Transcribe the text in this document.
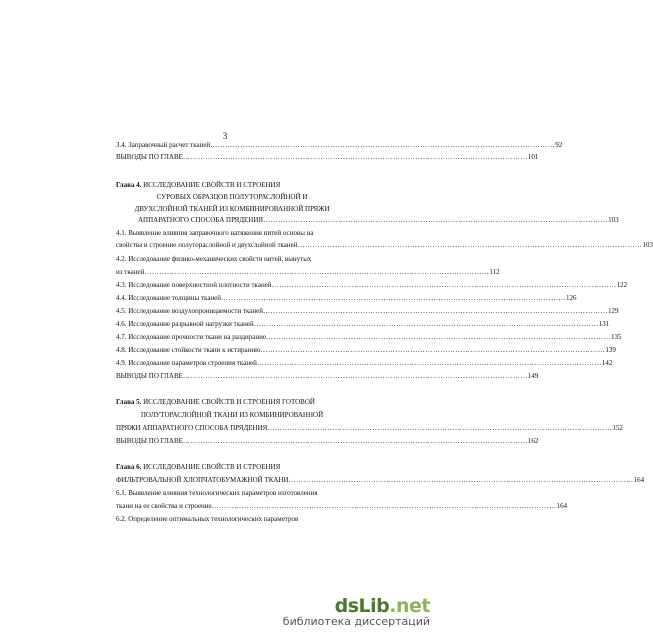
3
3.4. Заправочный расчет тканей …………………………………………………………………………………………………………………………	92
ВЫВОДЫ ПО ГЛАВЕ …………………………………………………………………………………………………………………………	101
Глава 4. ИССЛЕДОВАНИЕ СВОЙСТВ И СТРОЕНИЯ
СУРОВЫХ ОБРАЗЦОВ ПОЛУТОРАСЛОЙНОЙ И
ДВУХСЛОЙНОЙ ТКАНЕЙ ИЗ КОМБИНИРОВАННОЙ ПРЯЖИ
АППАРАТНОГО СПОСОБА ПРЯДЕНИЯ …………………………………………………………………………………………………………………………	103
4.1. Выявление влияния заправочного натяжения нитей основы на
свойства и строение полутораслойной и двухслойной тканей …………………………………………………………………………………………………………………………	103
4.2. Исследование физико-механических свойств нитей, вынутых
из тканей …………………………………………………………………………………………………………………………	112
4.3. Исследование поверхностной плотности тканей …………………………………………………………………………………………………………………………	122
4.4. Исследование толщины тканей …………………………………………………………………………………………………………………………	126
4.5. Исследование воздухопроницаемости тканей …………………………………………………………………………………………………………………………	129
4.6. Исследование разрывной нагрузки тканей …………………………………………………………………………………………………………………………	131
4.7. Исследование прочности ткани на раздирание …………………………………………………………………………………………………………………………	135
4.8. Исследование стойкости ткани к истиранию …………………………………………………………………………………………………………………………	139
4.9. Исследование параметров строения тканей …………………………………………………………………………………………………………………………	142
ВЫВОДЫ ПО ГЛАВЕ …………………………………………………………………………………………………………………………	149
Глава 5. ИССЛЕДОВАНИЕ СВОЙСТВ И СТРОЕНИЯ ГОТОВОЙ
ПОЛУТОРАСЛОЙНОЙ ТКАНИ ИЗ КОМБИНИРОВАННОЙ
ПРЯЖИ АППАРАТНОГО СПОСОБА ПРЯДЕНИЯ …………………………………………………………………………………………………………………………	152
ВЫВОДЫ ПО ГЛАВЕ …………………………………………………………………………………………………………………………	162
Глава 6. ИССЛЕДОВАНИЕ СВОЙСТВ И СТРОЕНИЯ
ФИЛЬТРОВАЛЬНОЙ ХЛОПЧАТОБУМАЖНОЙ ТКАНИ …………………………………………………………………………………………………………………………	164
6.1. Выявление влияния технологических параметров изготовления
ткани на ее свойства и строение …………………………………………………………………………………………………………………………	164
6.2. Определение оптимальных технологических параметров
dsLib.net
библиотека диссертаций
